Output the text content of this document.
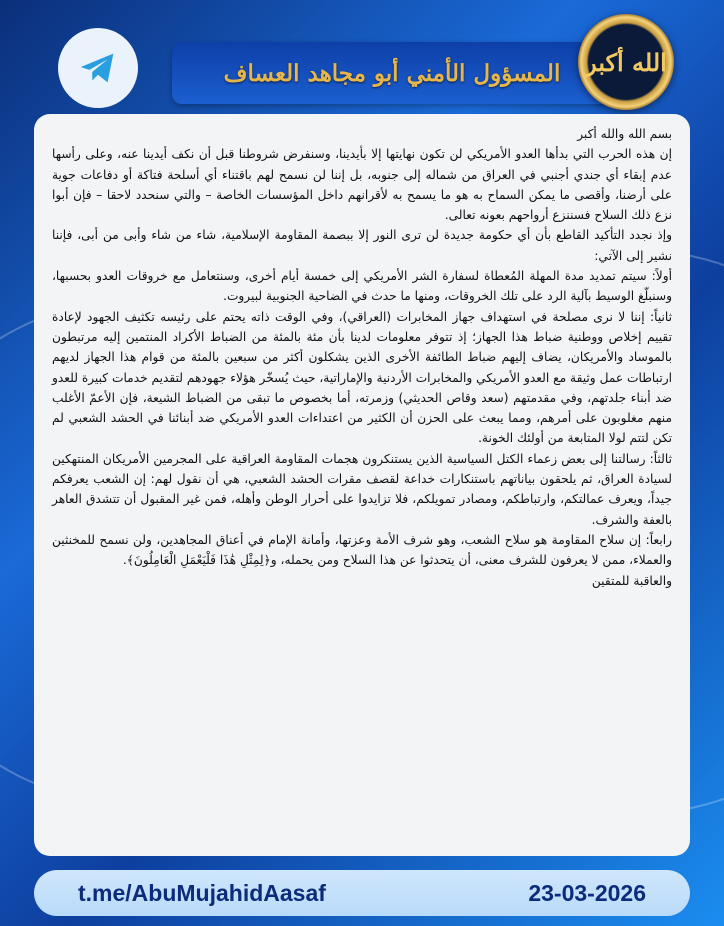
المسؤول الأمني أبو مجاهد العساف الله أكبر

بسم الله والله أكبر

إن هذه الحرب التي بدأها العدو الأمريكي لن تكون نهايتها إلا بأيدينا، وسنفرض شروطنا قبل أن نكف أيدينا عنه، وعلى رأسها عدم إبقاء أي جندي أجنبي في العراق من شماله إلى جنوبه، بل إننا لن نسمح لهم باقتناء أي أسلحة فتاكة أو دفاعات جوية على أرضنا، وأقصى ما يمكن السماح به هو ما يسمح به لأقرانهم داخل المؤسسات الخاصة – والتي سنحدد لاحقا – فإن أبوا نزع ذلك السلاح فسننزع أرواحهم بعونه تعالى.

وإذ نجدد التأكيد القاطع بأن أي حكومة جديدة لن ترى النور إلا ببصمة المقاومة الإسلامية، شاء من شاء وأبى من أبى، فإننا نشير إلى الآتي:

أولاً: سيتم تمديد مدة المهلة المُعطاة لسفارة الشر الأمريكي إلى خمسة أيام أخرى، وسنتعامل مع خروقات العدو بحسبها، وسنبلّغ الوسيط بآلية الرد على تلك الخروقات، ومنها ما حدث في الضاحية الجنوبية لبيروت.

ثانياً: إننا لا نرى مصلحة في استهداف جهاز المخابرات (العراقي)، وفي الوقت ذاته يحتم على رئيسه تكثيف الجهود لإعادة تقييم إخلاص ووطنية ضباط هذا الجهاز؛ إذ تتوفر معلومات لدينا بأن مئة بالمئة من الضباط الأكراد المنتمين إليه مرتبطون بالموساد والأمريكان، يضاف إليهم ضباط الطائفة الأخرى الذين يشكلون أكثر من سبعين بالمئة من قوام هذا الجهاز لديهم ارتباطات عمل وثيقة مع العدو الأمريكي والمخابرات الأردنية والإماراتية، حيث يُسخّر هؤلاء جهودهم لتقديم خدمات كبيرة للعدو ضد أبناء جلدتهم، وفي مقدمتهم (سعد وقاص الحديثي) وزمرته، أما بخصوص ما تبقى من الضباط الشيعة، فإن الأعمّ الأغلب منهم مغلوبون على أمرهم، ومما يبعث على الحزن أن الكثير من اعتداءات العدو الأمريكي ضد أبنائنا في الحشد الشعبي لم تكن لتتم لولا المتابعة من أولئك الخونة.

ثالثاً: رسالتنا إلى بعض زعماء الكتل السياسية الذين يستنكرون هجمات المقاومة العراقية على المجرمين الأمريكان المنتهكين لسيادة العراق، ثم يلحقون بياناتهم باستنكارات خداعة لقصف مقرات الحشد الشعبي، هي أن نقول لهم: إن الشعب يعرفكم جيداً، ويعرف عمالتكم، وارتباطكم، ومصادر تمويلكم، فلا تزايدوا على أحرار الوطن وأهله، فمن غير المقبول أن تتشدق العاهر بالعفة والشرف.

رابعاً: إن سلاح المقاومة هو سلاح الشعب، وهو شرف الأمة وعزتها، وأمانة الإمام في أعناق المجاهدين، ولن نسمح للمخنثين والعملاء، ممن لا يعرفون للشرف معنى، أن يتحدثوا عن هذا السلاح ومن يحمله، و﴿لِمِثْلِ هَٰذَا فَلْيَعْمَلِ الْعَامِلُونَ﴾.

والعاقبة للمتقين

t.me/AbuMujahidAasaf	23-03-2026
